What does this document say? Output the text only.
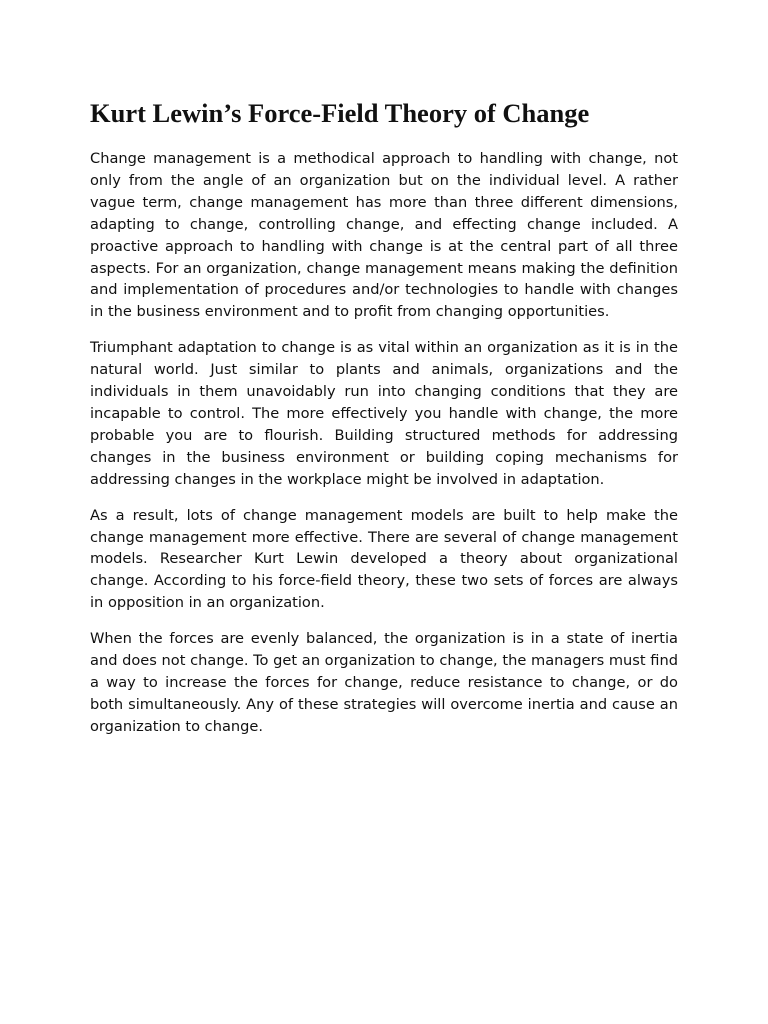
Kurt Lewin’s Force-Field Theory of Change

Change management is a methodical approach to handling with change, not only from the angle of an organization but on the individual level. A rather vague term, change management has more than three different dimensions, adapting to change, controlling change, and effecting change included. A proactive approach to handling with change is at the central part of all three aspects. For an organization, change management means making the definition and implementation of procedures and/or technologies to handle with changes in the business environment and to profit from changing opportunities.

Triumphant adaptation to change is as vital within an organization as it is in the natural world. Just similar to plants and animals, organizations and the individuals in them unavoidably run into changing conditions that they are incapable to control. The more effectively you handle with change, the more probable you are to flourish. Building structured methods for addressing changes in the business environment or building coping mechanisms for addressing changes in the workplace might be involved in adaptation.

As a result, lots of change management models are built to help make the change management more effective. There are several of change management models. Researcher Kurt Lewin developed a theory about organizational change. According to his force-field theory, these two sets of forces are always in opposition in an organization.

When the forces are evenly balanced, the organization is in a state of inertia and does not change. To get an organization to change, the managers must find a way to increase the forces for change, reduce resistance to change, or do both simultaneously. Any of these strategies will overcome inertia and cause an organization to change.
